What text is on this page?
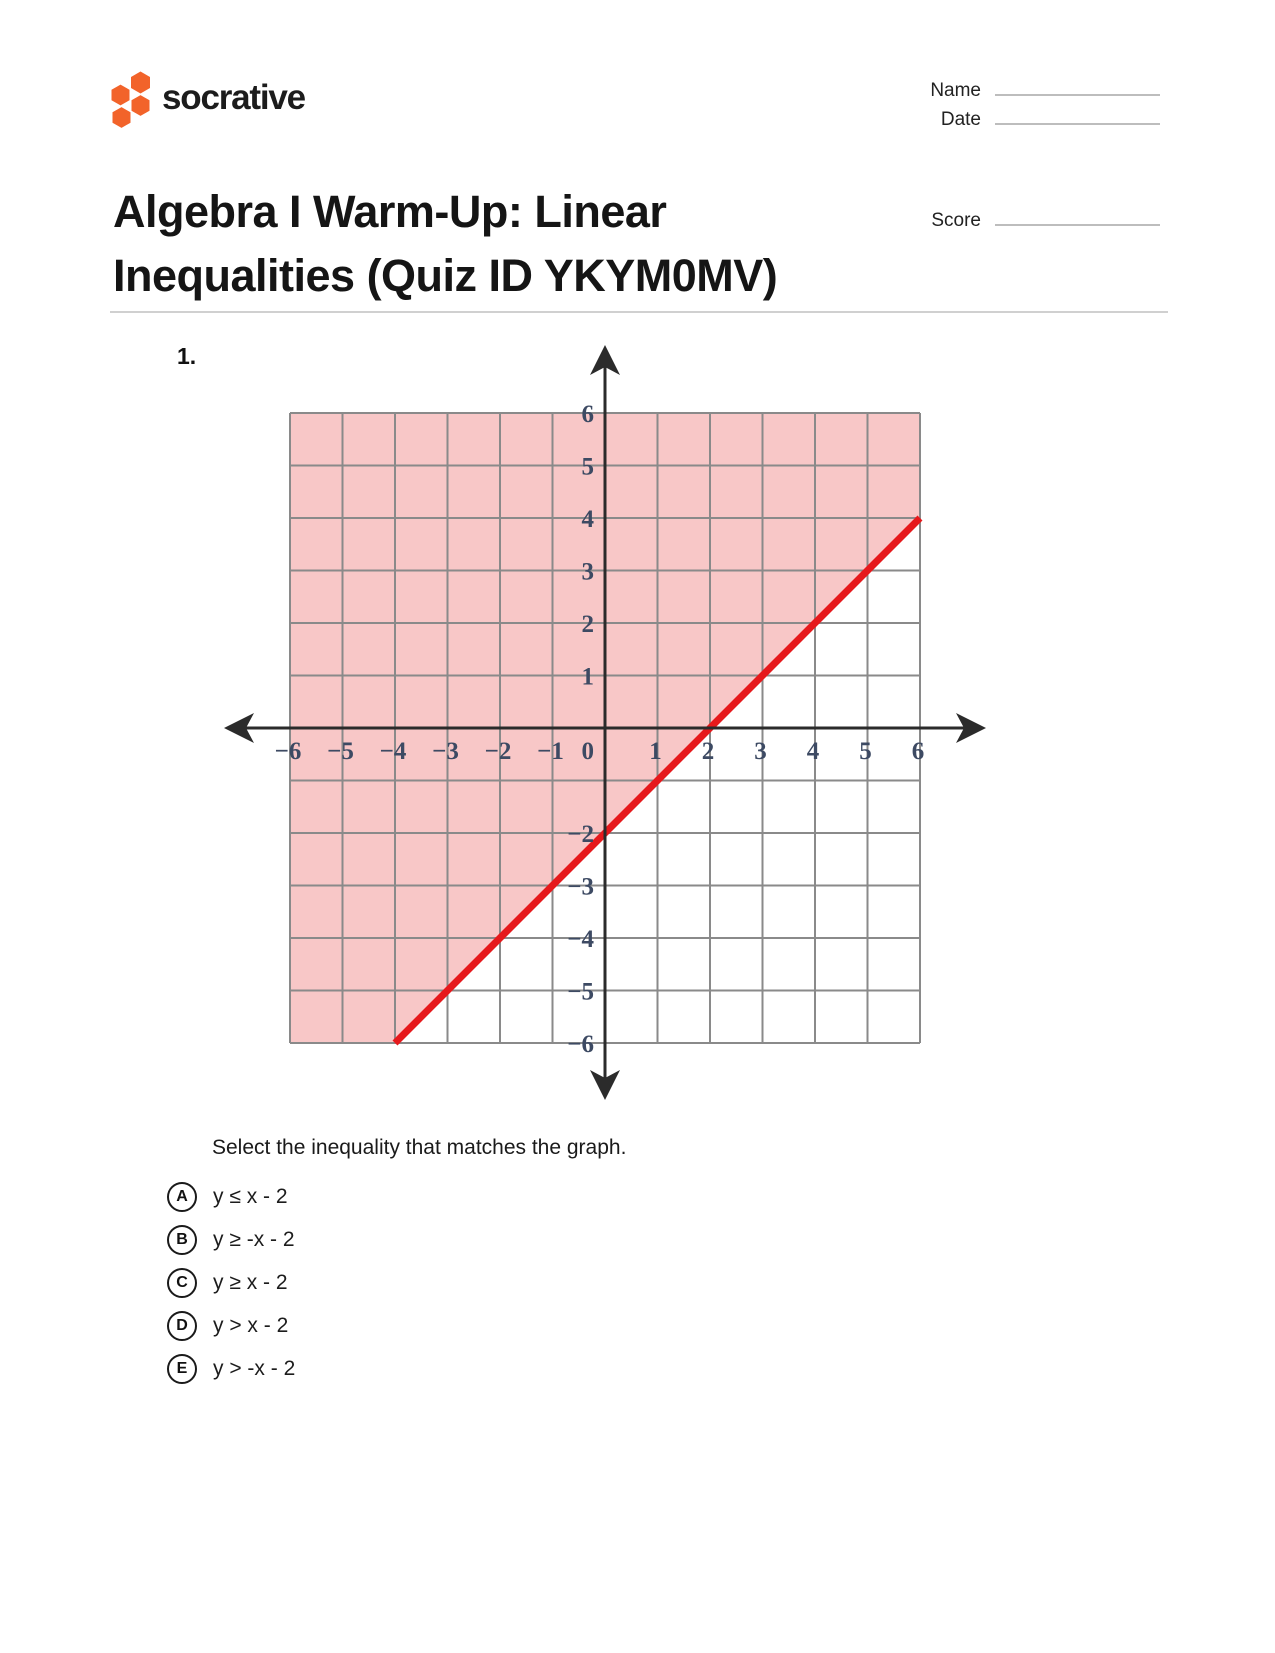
socrative	Name
Date
Score
Algebra I Warm-Up: Linear
Inequalities (Quiz ID YKYM0MV)
1.
−6 −5 −4 −3 −2 −1 0 1 2 3 4 5 6
6
5
4
3
2
1
−2
−3
−4
−5
−6
Select the inequality that matches the graph.
A	y ≤ x - 2
B	y ≥ -x - 2
C	y ≥ x - 2
D	y > x - 2
E	y > -x - 2
